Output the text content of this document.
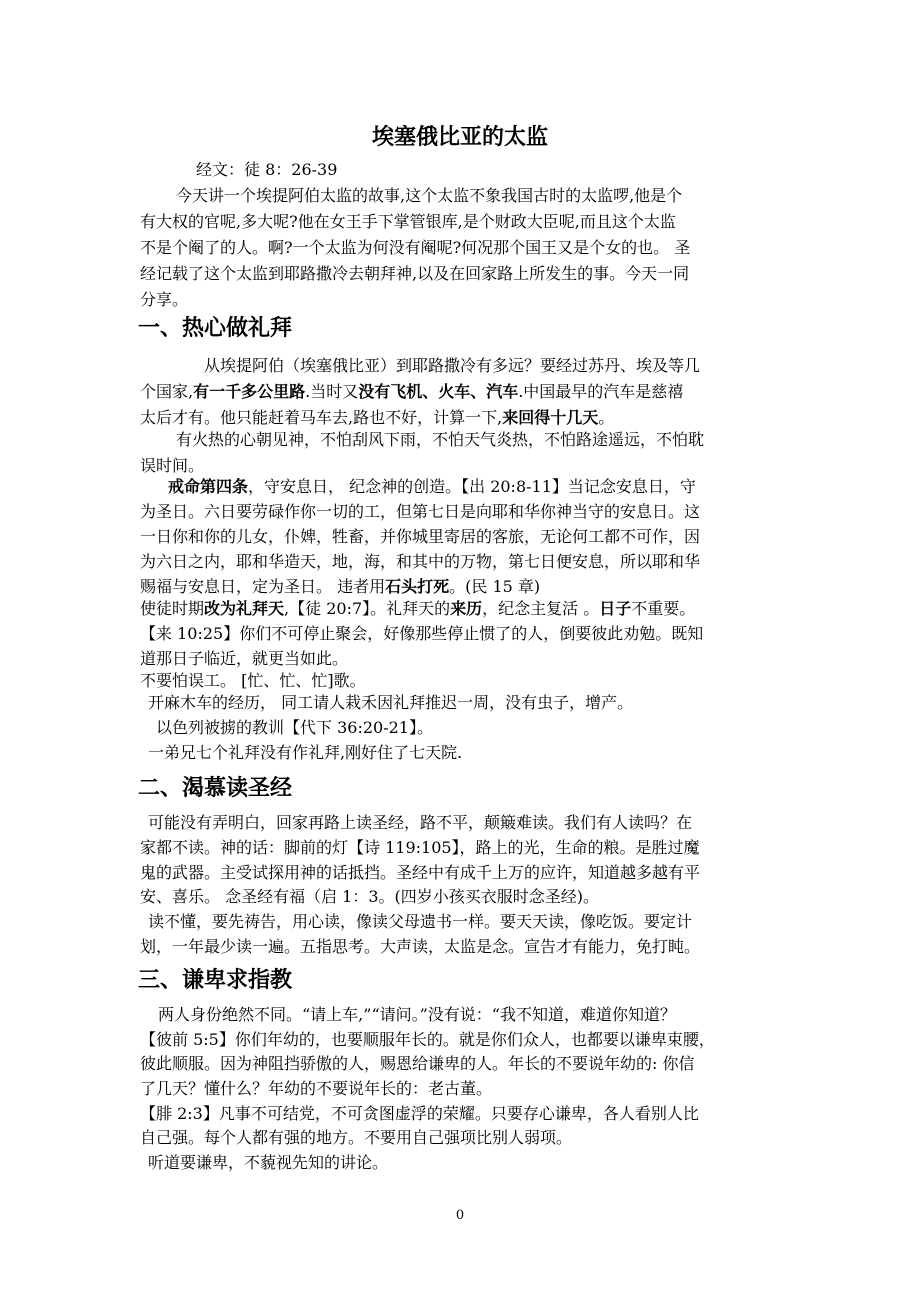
埃塞俄比亚的太监
经文：徒 8：26-39
今天讲一个埃提阿伯太监的故事,这个太监不象我国古时的太监啰,他是个
有大权的官呢,多大呢?他在女王手下掌管银库,是个财政大臣呢,而且这个太监
不是个阉了的人。啊?一个太监为何没有阉呢?何况那个国王又是个女的也。 圣
经记载了这个太监到耶路撒冷去朝拜神,以及在回家路上所发生的事。今天一同
分享。
一、热心做礼拜
从埃提阿伯（埃塞俄比亚）到耶路撒冷有多远？要经过苏丹、埃及等几
个国家,有一千多公里路.当时又没有飞机、火车、汽车.中国最早的汽车是慈禧
太后才有。他只能赶着马车去,路也不好，计算一下,来回得十几天。
有火热的心朝见神，不怕刮风下雨，不怕天气炎热，不怕路途遥远，不怕耽
误时间。
戒命第四条，守安息日， 纪念神的创造。【出 20:8-11】当记念安息日，守
为圣日。六日要劳碌作你一切的工，但第七日是向耶和华你神当守的安息日。这
一日你和你的儿女，仆婢，牲畜，并你城里寄居的客旅，无论何工都不可作，因
为六日之内，耶和华造天，地，海，和其中的万物，第七日便安息，所以耶和华
赐福与安息日，定为圣日。 违者用石头打死。(民 15 章)
使徒时期改为礼拜天,【徒 20:7】。礼拜天的来历，纪念主复活 。日子不重要。
【来 10:25】你们不可停止聚会，好像那些停止惯了的人，倒要彼此劝勉。既知
道那日子临近，就更当如此。
不要怕误工。 [忙、忙、忙]歌。
开麻木车的经历， 同工请人栽禾因礼拜推迟一周，没有虫子，增产。
以色列被掳的教训【代下 36:20-21】。
一弟兄七个礼拜没有作礼拜,刚好住了七天院.
二、渴慕读圣经
可能没有弄明白，回家再路上读圣经，路不平，颠簸难读。我们有人读吗？在
家都不读。神的话：脚前的灯【诗 119:105】，路上的光，生命的粮。是胜过魔
鬼的武器。主受试探用神的话抵挡。圣经中有成千上万的应许，知道越多越有平
安、喜乐。 念圣经有福（启 1：3。(四岁小孩买衣服时念圣经)。
读不懂，要先祷告，用心读，像读父母遗书一样。要天天读，像吃饭。要定计
划，一年最少读一遍。五指思考。大声读，太监是念。宣告才有能力，免打盹。
三、谦卑求指教
两人身份绝然不同。“请上车,”“请问。”没有说：“我不知道，难道你知道？
【彼前 5:5】你们年幼的，也要顺服年长的。就是你们众人，也都要以谦卑束腰，
彼此顺服。因为神阻挡骄傲的人，赐恩给谦卑的人。年长的不要说年幼的: 你信
了几天？懂什么？年幼的不要说年长的：老古董。
【腓 2:3】凡事不可结党，不可贪图虚浮的荣耀。只要存心谦卑，各人看别人比
自己强。每个人都有强的地方。不要用自己强项比别人弱项。
听道要谦卑，不藐视先知的讲论。
0
